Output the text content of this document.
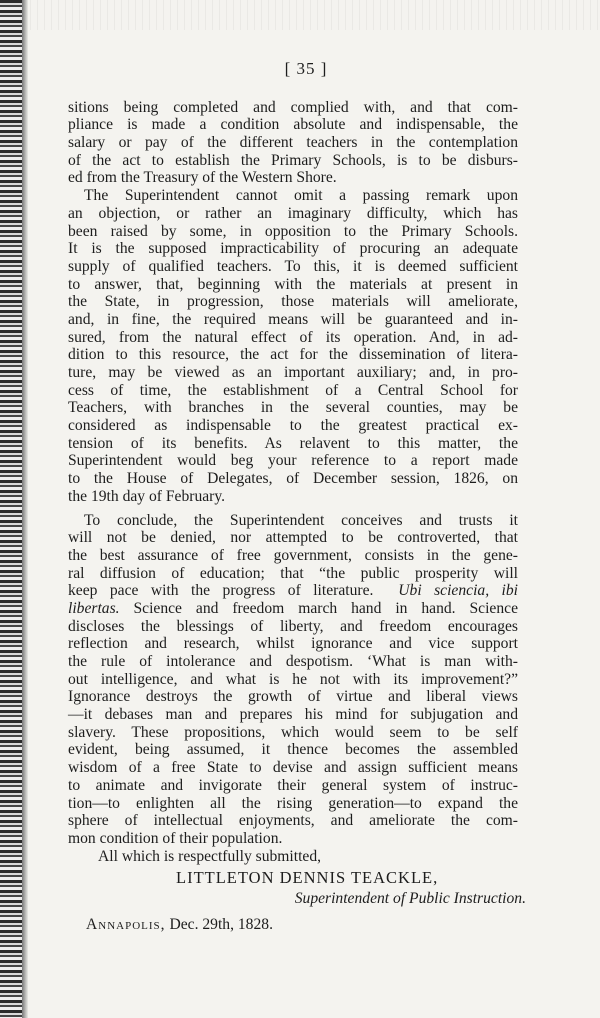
[ 35 ]
sitions being completed and complied with, and that com-
pliance is made a condition absolute and indispensable, the
salary or pay of the different teachers in the contemplation
of the act to establish the Primary Schools, is to be disburs-
ed from the Treasury of the Western Shore.
The Superintendent cannot omit a passing remark upon
an objection, or rather an imaginary difficulty, which has
been raised by some, in opposition to the Primary Schools.
It is the supposed impracticability of procuring an adequate
supply of qualified teachers. To this, it is deemed sufficient
to answer, that, beginning with the materials at present in
the State, in progression, those materials will ameliorate,
and, in fine, the required means will be guaranteed and in-
sured, from the natural effect of its operation. And, in ad-
dition to this resource, the act for the dissemination of litera-
ture, may be viewed as an important auxiliary; and, in pro-
cess of time, the establishment of a Central School for
Teachers, with branches in the several counties, may be
considered as indispensable to the greatest practical ex-
tension of its benefits. As relavent to this matter, the
Superintendent would beg your reference to a report made
to the House of Delegates, of December session, 1826, on
the 19th day of February.
To conclude, the Superintendent conceives and trusts it
will not be denied, nor attempted to be controverted, that
the best assurance of free government, consists in the gene-
ral diffusion of education; that “the public prosperity will
keep pace with the progress of literature. Ubi sciencia, ibi
libertas. Science and freedom march hand in hand. Science
discloses the blessings of liberty, and freedom encourages
reflection and research, whilst ignorance and vice support
the rule of intolerance and despotism. ‘What is man with-
out intelligence, and what is he not with its improvement?”
Ignorance destroys the growth of virtue and liberal views
—it debases man and prepares his mind for subjugation and
slavery. These propositions, which would seem to be self
evident, being assumed, it thence becomes the assembled
wisdom of a free State to devise and assign sufficient means
to animate and invigorate their general system of instruc-
tion—to enlighten all the rising generation—to expand the
sphere of intellectual enjoyments, and ameliorate the com-
mon condition of their population.
All which is respectfully submitted,
LITTLETON DENNIS TEACKLE,
Superintendent of Public Instruction.
Annapolis, Dec. 29th, 1828.
